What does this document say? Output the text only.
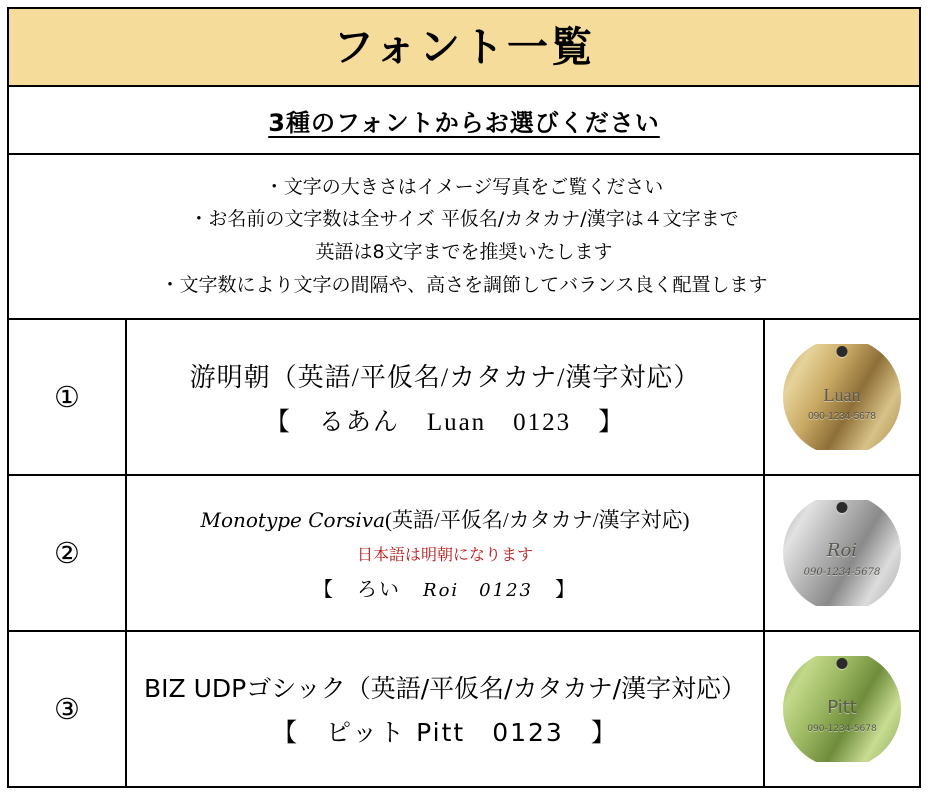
フォント一覧
3種のフォントからお選びください
・文字の大きさはイメージ写真をご覧ください
・お名前の文字数は全サイズ 平仮名/カタカナ/漢字は４文字まで
英語は8文字までを推奨いたします
・文字数により文字の間隔や、高さを調節してバランス良く配置します
①
游明朝（英語/平仮名/カタカナ/漢字対応）
【　るあん　Luan　0123　】
Luan
090-1234-5678
②
Monotype Corsiva(英語/平仮名/カタカナ/漢字対応)
日本語は明朝になります
【　ろい　Roi　0123　】
Roi
090-1234-5678
③
BIZ UDPゴシック（英語/平仮名/カタカナ/漢字対応）
【　ピット Pitt　0123　】
Pitt
090-1234-5678
